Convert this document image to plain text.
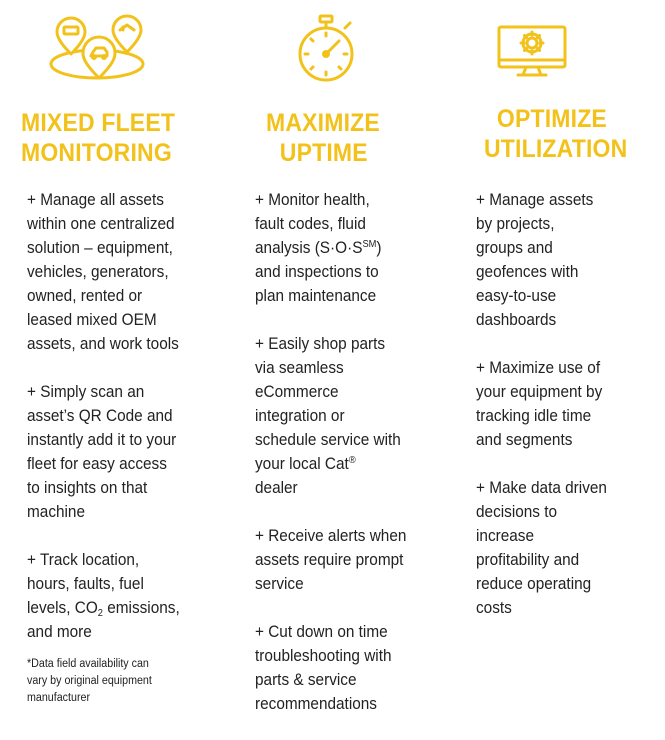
MIXED FLEET
MONITORING
+ Manage all assets
within one centralized
solution – equipment,
vehicles, generators,
owned, rented or
leased mixed OEM
assets, and work tools
+ Simply scan an
asset’s QR Code and
instantly add it to your
fleet for easy access
to insights on that
machine
+ Track location,
hours, faults, fuel
levels, $CO_2$ emissions,
and more
*Data field availability can
vary by original equipment
manufacturer
MAXIMIZE
UPTIME
+ Monitor health,
fault codes, fluid
analysis (S·O·S℠)
and inspections to
plan maintenance
+ Easily shop parts
via seamless
eCommerce
integration or
schedule service with
your local Cat®
dealer
+ Receive alerts when
assets require prompt
service
+ Cut down on time
troubleshooting with
parts & service
recommendations
OPTIMIZE
UTILIZATION
+ Manage assets
by projects,
groups and
geofences with
easy-to-use
dashboards
+ Maximize use of
your equipment by
tracking idle time
and segments
+ Make data driven
decisions to
increase
profitability and
reduce operating
costs
